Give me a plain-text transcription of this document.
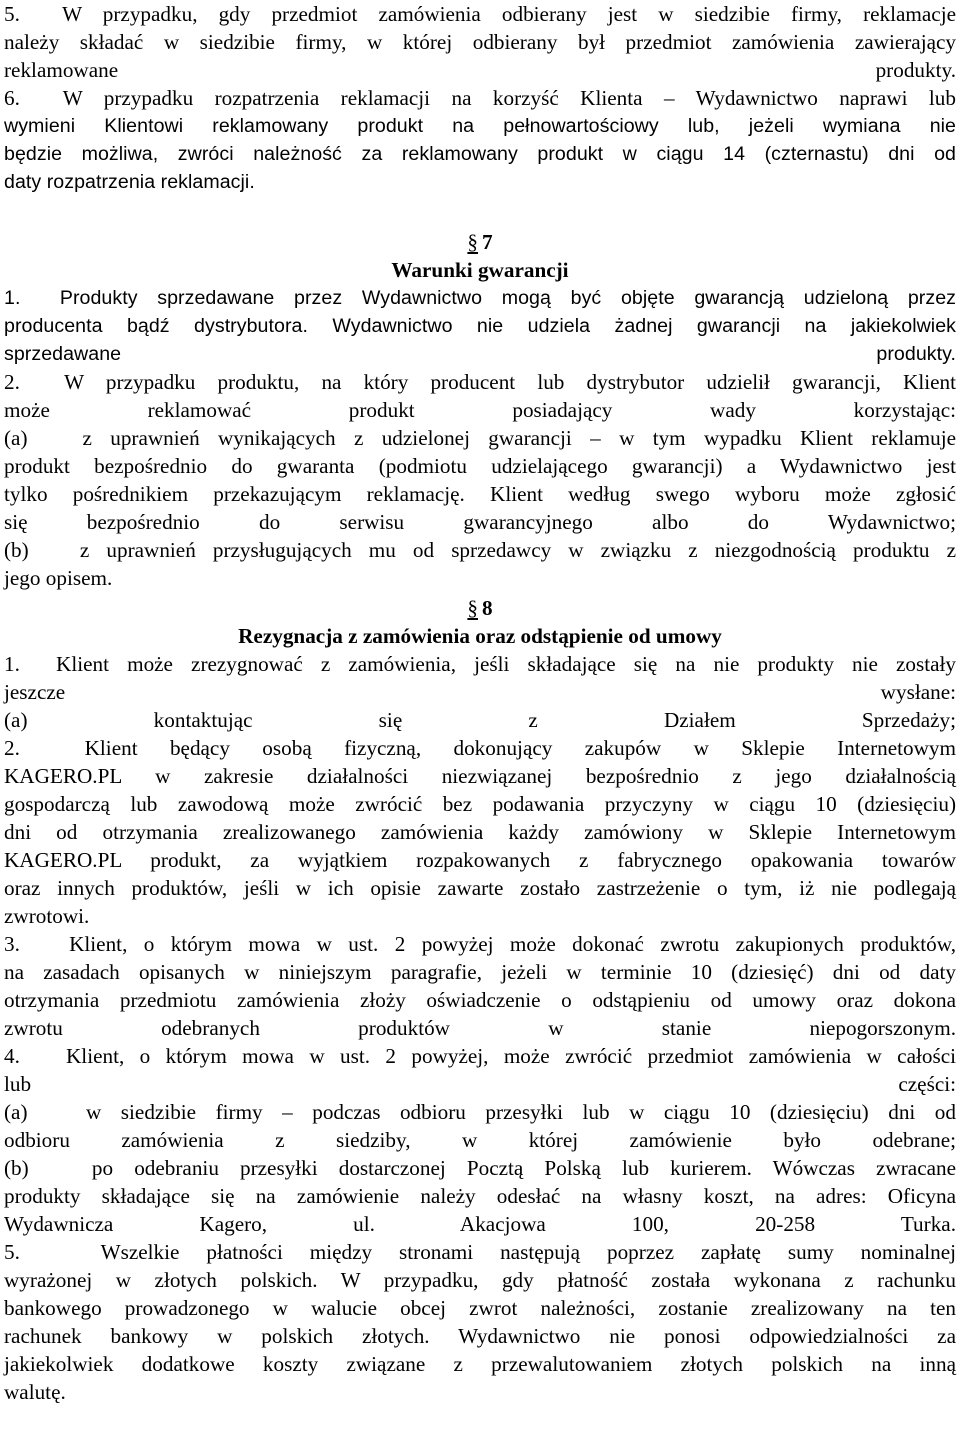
5.  W przypadku, gdy przedmiot zamówienia odbierany jest w siedzibie firmy, reklamacje
należy składać w siedzibie firmy, w której odbierany był przedmiot zamówienia zawierający
reklamowane produkty.
6.  W przypadku rozpatrzenia reklamacji na korzyść Klienta – Wydawnictwo naprawi lub
wymieni Klientowi reklamowany produkt na pełnowartościowy lub, jeżeli wymiana nie
będzie możliwa, zwróci należność za reklamowany produkt w ciągu 14 (czternastu) dni od
daty rozpatrzenia reklamacji.
Warunki gwarancji
1.  Produkty sprzedawane przez Wydawnictwo mogą być objęte gwarancją udzieloną przez
producenta bądź dystrybutora. Wydawnictwo nie udziela żadnej gwarancji na jakiekolwiek
sprzedawane produkty.
2.  W przypadku produktu, na który producent lub dystrybutor udzielił gwarancji, Klient
może reklamować produkt posiadający wady korzystając:
(a)   z uprawnień wynikających z udzielonej gwarancji – w tym wypadku Klient reklamuje
produkt bezpośrednio do gwaranta (podmiotu udzielającego gwarancji) a Wydawnictwo jest
tylko pośrednikiem przekazującym reklamację. Klient według swego wyboru może zgłosić
się bezpośrednio do serwisu gwarancyjnego albo do Wydawnictwo;
(b)   z uprawnień przysługujących mu od sprzedawcy w związku z niezgodnością produktu z
jego opisem.
Rezygnacja z zamówienia oraz odstąpienie od umowy
1.  Klient może zrezygnować z zamówienia, jeśli składające się na nie produkty nie zostały
jeszcze wysłane:
(a) kontaktując się z Działem Sprzedaży;
2.  Klient będący osobą fizyczną, dokonujący zakupów w Sklepie Internetowym
KAGERO.PL w zakresie działalności niezwiązanej bezpośrednio z jego działalnością
gospodarczą lub zawodową może zwrócić bez podawania przyczyny w ciągu 10 (dziesięciu)
dni od otrzymania zrealizowanego zamówienia każdy zamówiony w Sklepie Internetowym
KAGERO.PL produkt, za wyjątkiem rozpakowanych z fabrycznego opakowania towarów
oraz innych produktów, jeśli w ich opisie zawarte zostało zastrzeżenie o tym, iż nie podlegają
zwrotowi.
3.   Klient, o którym mowa w ust. 2 powyżej może dokonać zwrotu zakupionych produktów,
na zasadach opisanych w niniejszym paragrafie, jeżeli w terminie 10 (dziesięć) dni od daty
otrzymania przedmiotu zamówienia złoży oświadczenie o odstąpieniu od umowy oraz dokona
zwrotu odebranych produktów w stanie niepogorszonym.
4.   Klient, o którym mowa w ust. 2 powyżej, może zwrócić przedmiot zamówienia w całości
lub części:
(a)   w siedzibie firmy – podczas odbioru przesyłki lub w ciągu 10 (dziesięciu) dni od
odbioru zamówienia z siedziby, w której zamówienie było odebrane;
(b)   po odebraniu przesyłki dostarczonej Pocztą Polską lub kurierem. Wówczas zwracane
produkty składające się na zamówienie należy odesłać na własny koszt, na adres: Oficyna
Wydawnicza Kagero, ul. Akacjowa 100, 20-258 Turka.
5.   Wszelkie płatności między stronami następują poprzez zapłatę sumy nominalnej
wyrażonej w złotych polskich. W przypadku, gdy płatność została wykonana z rachunku
bankowego prowadzonego w walucie obcej zwrot należności, zostanie zrealizowany na ten
rachunek bankowy w polskich złotych. Wydawnictwo nie ponosi odpowiedzialności za
jakiekolwiek dodatkowe koszty związane z przewalutowaniem złotych polskich na inną
walutę.
§ 7
§ 8
